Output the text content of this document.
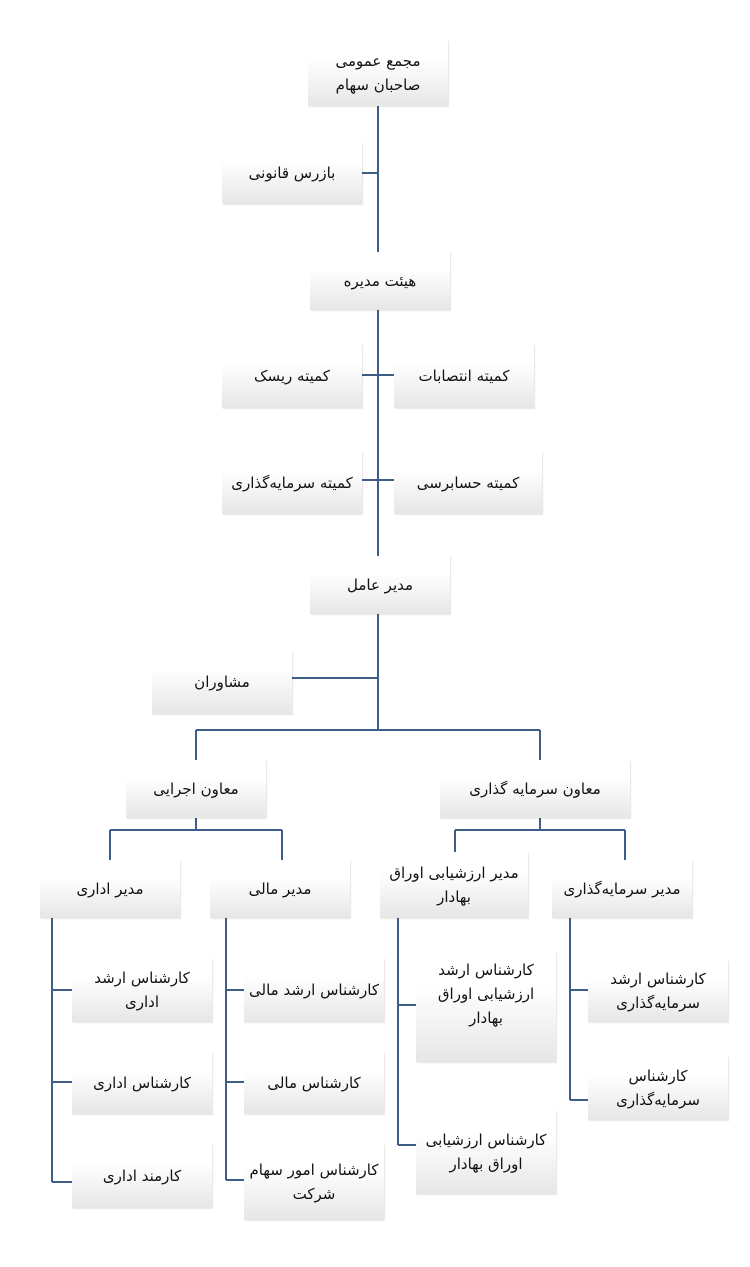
مجمع عمومی
صاحبان سهام
بازرس قانونی
هیئت مدیره
کمیته انتصابات
کمیته ریسک
کمیته حسابرسی
کمیته سرمایه‌گذاری
مدیر عامل
مشاوران
معاون سرمایه گذاری
معاون اجرایی
مدیر سرمایه‌گذاری
مدیر ارزشیابی اوراق
بهادار
مدیر مالی
مدیر اداری
کارشناس ارشد
سرمایه‌گذاری
کارشناس
سرمایه‌گذاری
کارشناس ارشد
ارزشیابی اوراق
بهادار
کارشناس ارزشیابی
اوراق بهادار
کارشناس ارشد مالی
کارشناس مالی
کارشناس امور سهام
شرکت
کارشناس ارشد
اداری
کارشناس اداری
کارمند اداری
